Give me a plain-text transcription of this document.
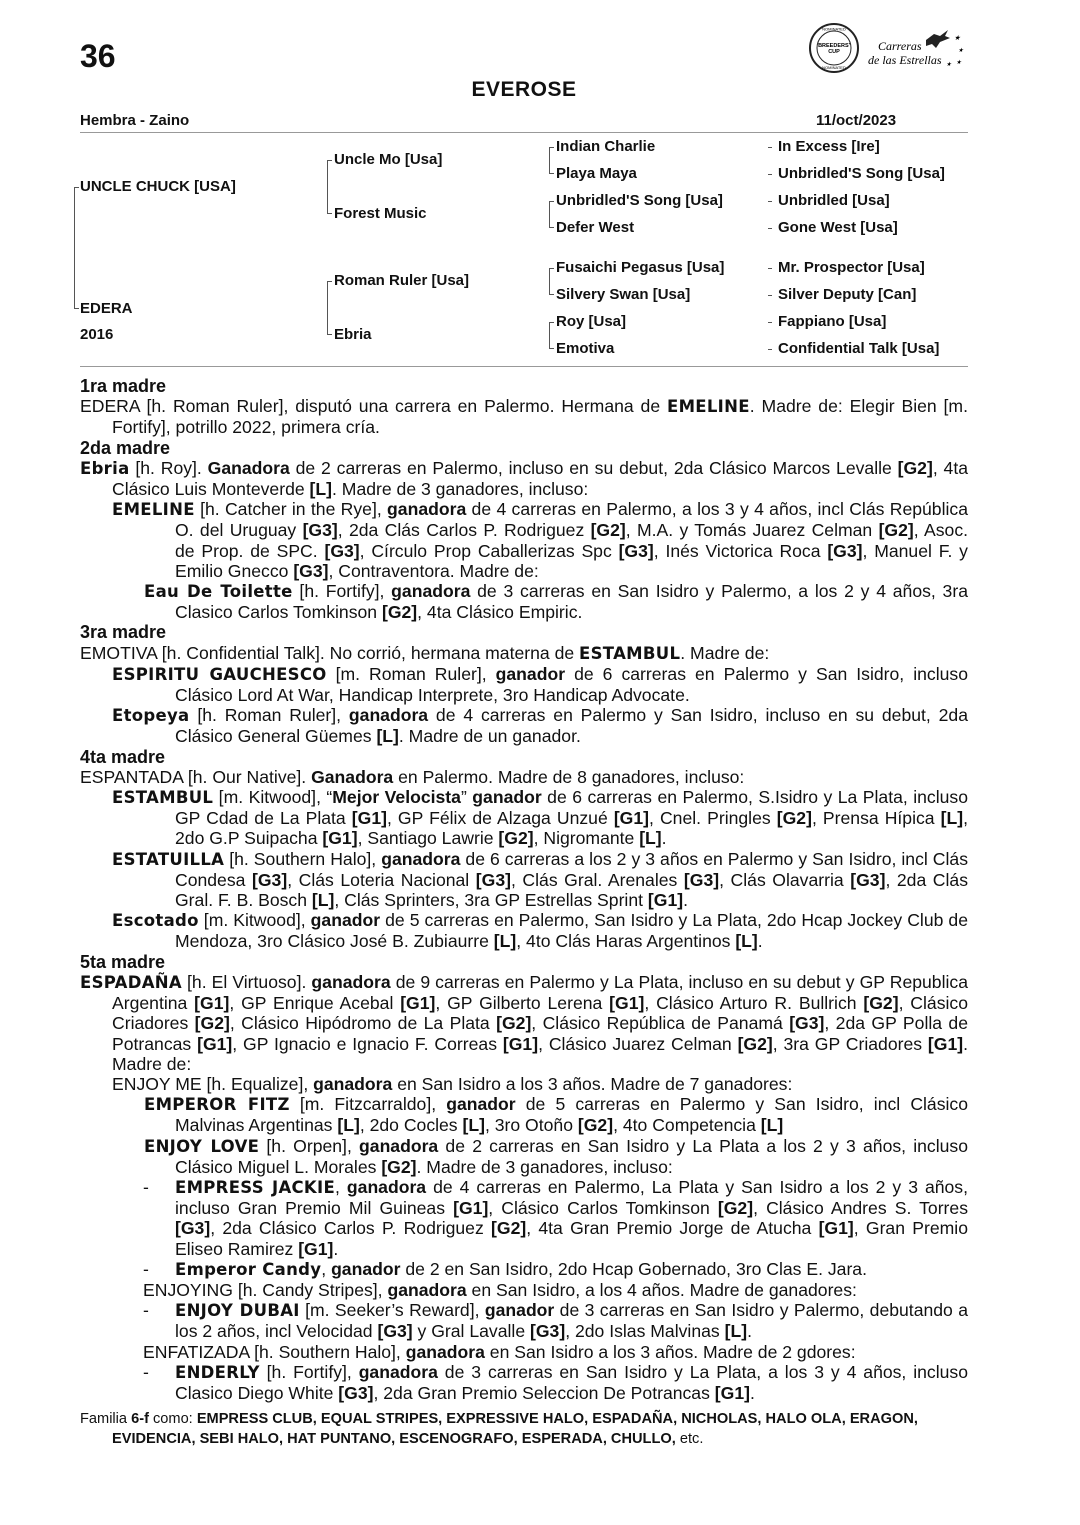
36	BREEDERS'
CUP
NOMINATED
NOMINATED
Carreras
de las Estrellas
★
★
★ ★
EVEROSE
Hembra - Zaino	11/oct/2023
UNCLE CHUCK [USA]
EDERA
2016
Uncle Mo [Usa]
Forest Music
Roman Ruler [Usa]
Ebria
Indian Charlie
Playa Maya
Unbridled'S Song [Usa]
Defer West
Fusaichi Pegasus [Usa]
Silvery Swan [Usa]
Roy [Usa]
Emotiva
In Excess [Ire]
Unbridled'S Song [Usa]
Unbridled [Usa]
Gone West [Usa]
Mr. Prospector [Usa]
Silver Deputy [Can]
Fappiano [Usa]
Confidential Talk [Usa]
1ra madre

EDERA [h. Roman Ruler], disputó una carrera en Palermo. Hermana de EMELINE. Madre de: Elegir Bien [m. Fortify], potrillo 2022, primera cría.

2da madre

Ebria [h. Roy]. Ganadora de 2 carreras en Palermo, incluso en su debut, 2da Clásico Marcos Levalle [G2], 4ta Clásico Luis Monteverde [L]. Madre de 3 ganadores, incluso:

EMELINE [h. Catcher in the Rye], ganadora de 4 carreras en Palermo, a los 3 y 4 años, incl Clás República O. del Uruguay [G3], 2da Clás Carlos P. Rodriguez [G2], M.A. y Tomás Juarez Celman [G2], Asoc. de Prop. de SPC. [G3], Círculo Prop Caballerizas Spc [G3], Inés Victorica Roca [G3], Manuel F. y Emilio Gnecco [G3], Contraventora. Madre de:

Eau De Toilette [h. Fortify], ganadora de 3 carreras en San Isidro y Palermo, a los 2 y 4 años, 3ra Clasico Carlos Tomkinson [G2], 4ta Clásico Empiric.

3ra madre

EMOTIVA [h. Confidential Talk]. No corrió, hermana materna de ESTAMBUL. Madre de:

ESPIRITU GAUCHESCO [m. Roman Ruler], ganador de 6 carreras en Palermo y San Isidro, incluso Clásico Lord At War, Handicap Interprete, 3ro Handicap Advocate.

Etopeya [h. Roman Ruler], ganadora de 4 carreras en Palermo y San Isidro, incluso en su debut, 2da Clásico General Güemes [L]. Madre de un ganador.

4ta madre

ESPANTADA [h. Our Native]. Ganadora en Palermo. Madre de 8 ganadores, incluso:

ESTAMBUL [m. Kitwood], “Mejor Velocista” ganador de 6 carreras en Palermo, S.Isidro y La Plata, incluso GP Cdad de La Plata [G1], GP Félix de Alzaga Unzué [G1], Cnel. Pringles [G2], Prensa Hípica [L], 2do G.P Suipacha [G1], Santiago Lawrie [G2], Nigromante [L].

ESTATUILLA [h. Southern Halo], ganadora de 6 carreras a los 2 y 3 años en Palermo y San Isidro, incl Clás Condesa [G3], Clás Loteria Nacional [G3], Clás Gral. Arenales [G3], Clás Olavarria [G3], 2da Clás Gral. F. B. Bosch [L], Clás Sprinters, 3ra GP Estrellas Sprint [G1].

Escotado [m. Kitwood], ganador de 5 carreras en Palermo, San Isidro y La Plata, 2do Hcap Jockey Club de Mendoza, 3ro Clásico José B. Zubiaurre [L], 4to Clás Haras Argentinos [L].

5ta madre

ESPADAÑA [h. El Virtuoso]. ganadora de 9 carreras en Palermo y La Plata, incluso en su debut y GP Republica Argentina [G1], GP Enrique Acebal [G1], GP Gilberto Lerena [G1], Clásico Arturo R. Bullrich [G2], Clásico Criadores [G2], Clásico Hipódromo de La Plata [G2], Clásico República de Panamá [G3], 2da GP Polla de Potrancas [G1], GP Ignacio e Ignacio F. Correas [G1], Clásico Juarez Celman [G2], 3ra GP Criadores [G1]. Madre de:

ENJOY ME [h. Equalize], ganadora en San Isidro a los 3 años. Madre de 7 ganadores:

EMPEROR FITZ [m. Fitzcarraldo], ganador de 5 carreras en Palermo y San Isidro, incl Clásico Malvinas Argentinas [L], 2do Cocles [L], 3ro Otoño [G2], 4to Competencia [L]

ENJOY LOVE [h. Orpen], ganadora de 2 carreras en San Isidro y La Plata a los 2 y 3 años, incluso Clásico Miguel L. Morales [G2]. Madre de 3 ganadores, incluso:

- EMPRESS JACKIE, ganadora de 4 carreras en Palermo, La Plata y San Isidro a los 2 y 3 años, incluso Gran Premio Mil Guineas [G1], Clásico Carlos Tomkinson [G2], Clásico Andres S. Torres [G3], 2da Clásico Carlos P. Rodriguez [G2], 4ta Gran Premio Jorge de Atucha [G1], Gran Premio Eliseo Ramirez [G1].

- Emperor Candy, ganador de 2 en San Isidro, 2do Hcap Gobernado, 3ro Clas E. Jara.

ENJOYING [h. Candy Stripes], ganadora en San Isidro, a los 4 años. Madre de ganadores:

- ENJOY DUBAI [m. Seeker’s Reward], ganador de 3 carreras en San Isidro y Palermo, debutando a los 2 años, incl Velocidad [G3] y Gral Lavalle [G3], 2do Islas Malvinas [L].

ENFATIZADA [h. Southern Halo], ganadora en San Isidro a los 3 años. Madre de 2 gdores:

- ENDERLY [h. Fortify], ganadora de 3 carreras en San Isidro y La Plata, a los 3 y 4 años, incluso Clasico Diego White [G3], 2da Gran Premio Seleccion De Potrancas [G1].

Familia 6-f como: EMPRESS CLUB, EQUAL STRIPES, EXPRESSIVE HALO, ESPADAÑA, NICHOLAS, HALO OLA, ERAGON, EVIDENCIA, SEBI HALO, HAT PUNTANO, ESCENOGRAFO, ESPERADA, CHULLO, etc.
